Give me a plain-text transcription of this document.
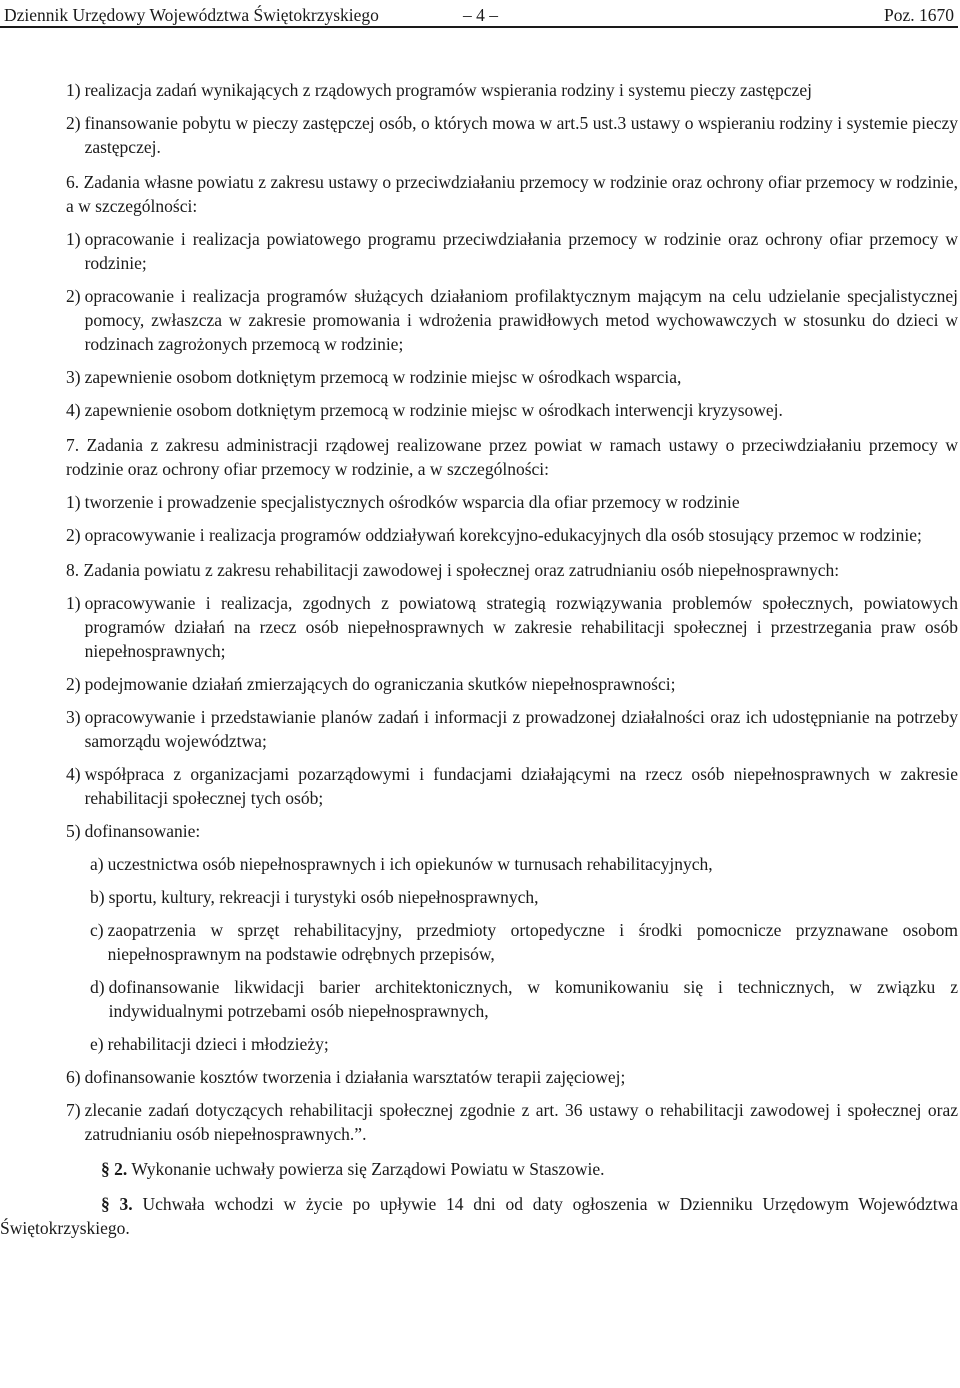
Dziennik Urzędowy Województwa Świętokrzyskiego	– 4 –	Poz. 1670
1) realizacja zadań wynikających z rządowych programów wspierania rodziny i systemu pieczy zastępczej
2) finansowanie pobytu w pieczy zastępczej osób, o których mowa w art.5 ust.3 ustawy o wspieraniu rodziny i systemie pieczy zastępczej.

6. Zadania własne powiatu z zakresu ustawy o przeciwdziałaniu przemocy w rodzinie oraz ochrony ofiar przemocy w rodzinie, a w szczególności:

1) opracowanie i realizacja powiatowego programu przeciwdziałania przemocy w rodzinie oraz ochrony ofiar przemocy w rodzinie;
2) opracowanie i realizacja programów służących działaniom profilaktycznym mającym na celu udzielanie specjalistycznej pomocy, zwłaszcza w zakresie promowania i wdrożenia prawidłowych metod wychowawczych w stosunku do dzieci w rodzinach zagrożonych przemocą w rodzinie;
3) zapewnienie osobom dotkniętym przemocą w rodzinie miejsc w ośrodkach wsparcia,
4) zapewnienie osobom dotkniętym przemocą w rodzinie miejsc w ośrodkach interwencji kryzysowej.

7. Zadania z zakresu administracji rządowej realizowane przez powiat w ramach ustawy o przeciwdziałaniu przemocy w rodzinie oraz ochrony ofiar przemocy w rodzinie, a w szczególności:

1) tworzenie i prowadzenie specjalistycznych ośrodków wsparcia dla ofiar przemocy w rodzinie
2) opracowywanie i realizacja programów oddziaływań korekcyjno-edukacyjnych dla osób stosujący przemoc w rodzinie;

8. Zadania powiatu z zakresu rehabilitacji zawodowej i społecznej oraz zatrudnianiu osób niepełnosprawnych:

1) opracowywanie i realizacja, zgodnych z powiatową strategią rozwiązywania problemów społecznych, powiatowych programów działań na rzecz osób niepełnosprawnych w zakresie rehabilitacji społecznej i przestrzegania praw osób niepełnosprawnych;
2) podejmowanie działań zmierzających do ograniczania skutków niepełnosprawności;
3) opracowywanie i przedstawianie planów zadań i informacji z prowadzonej działalności oraz ich udostępnianie na potrzeby samorządu województwa;
4) współpraca z organizacjami pozarządowymi i fundacjami działającymi na rzecz osób niepełnosprawnych w zakresie rehabilitacji społecznej tych osób;
5) dofinansowanie:
a) uczestnictwa osób niepełnosprawnych i ich opiekunów w turnusach rehabilitacyjnych,
b) sportu, kultury, rekreacji i turystyki osób niepełnosprawnych,
c) zaopatrzenia w sprzęt rehabilitacyjny, przedmioty ortopedyczne i środki pomocnicze przyznawane osobom niepełnosprawnym na podstawie odrębnych przepisów,
d) dofinansowanie likwidacji barier architektonicznych, w komunikowaniu się i technicznych, w związku z indywidualnymi potrzebami osób niepełnosprawnych,
e) rehabilitacji dzieci i młodzieży;
6) dofinansowanie kosztów tworzenia i działania warsztatów terapii zajęciowej;
7) zlecanie zadań dotyczących rehabilitacji społecznej zgodnie z art. 36 ustawy o rehabilitacji zawodowej i społecznej oraz zatrudnianiu osób niepełnosprawnych.”.

§ 2. Wykonanie uchwały powierza się Zarządowi Powiatu w Staszowie.

§ 3. Uchwała wchodzi w życie po upływie 14 dni od daty ogłoszenia w Dzienniku Urzędowym Województwa Świętokrzyskiego.
